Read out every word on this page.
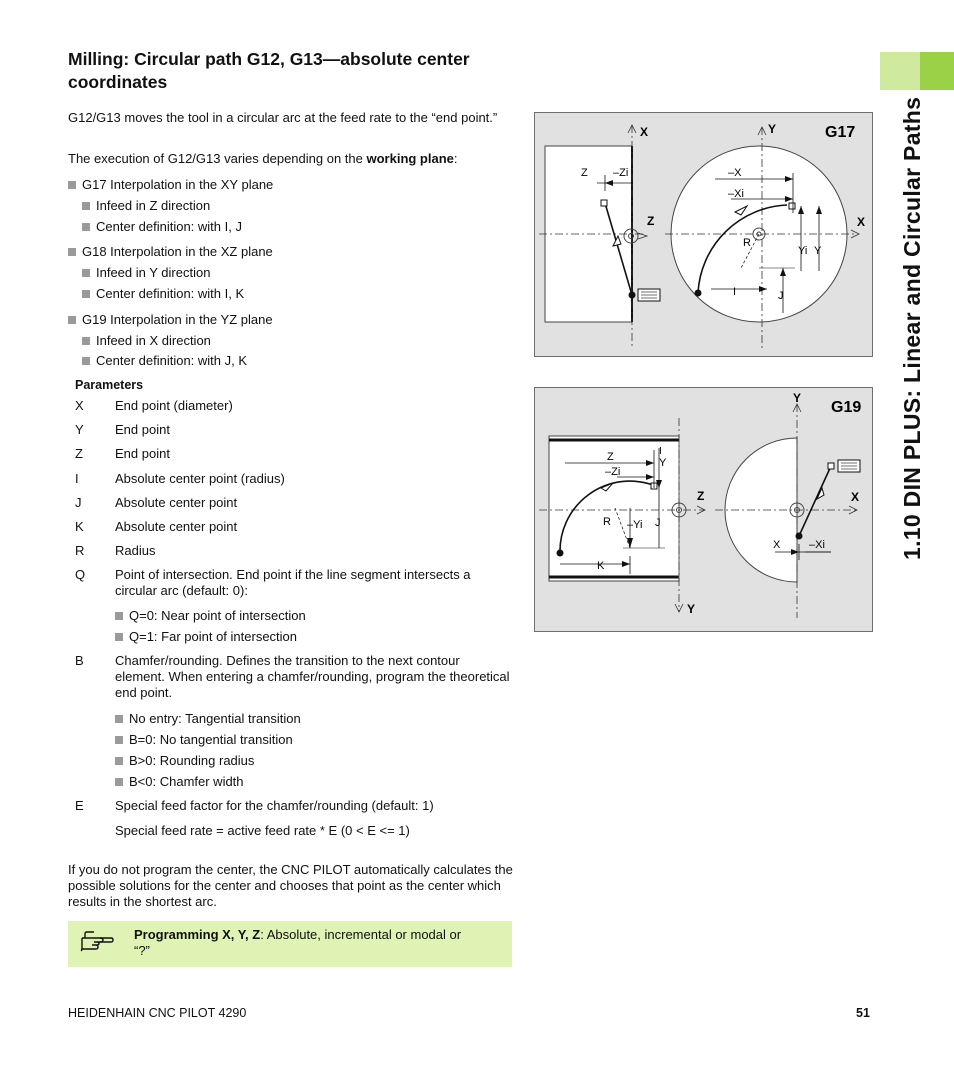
Milling: Circular path G12, G13—absolute center coordinates

G12/G13 moves the tool in a circular arc at the feed rate to the “end point.”

The execution of G12/G13 varies depending on the working plane:

G17 Interpolation in the XY plane
Infeed in Z direction
Center definition: with I, J
G18 Interpolation in the XZ plane
Infeed in Y direction
Center definition: with I, K
G19 Interpolation in the YZ plane
Infeed in X direction
Center definition: with J, K
Parameters
X	End point (diameter)
Y	End point
Z	End point
I	Absolute center point (radius)
J	Absolute center point
K	Absolute center point
R	Radius
Q	Point of intersection. End point if the line segment intersects a circular arc (default: 0):
Q=0: Near point of intersection
Q=1: Far point of intersection
B	Chamfer/rounding. Defines the transition to the next contour element. When entering a chamfer/rounding, program the theoretical end point.
No entry: Tangential transition
B=0: No tangential transition
B>0: Rounding radius
B<0: Chamfer width
E	Special feed factor for the chamfer/rounding (default: 1)
Special feed rate = active feed rate * E (0 < E <= 1)

If you do not program the center, the CNC PILOT automatically calculates the possible solutions for the center and chooses that point as the center which results in the shortest arc.

Programming X, Y, Z: Absolute, incremental or modal or “?”
HEIDENHAIN CNC PILOT 4290	51
1.10 DIN PLUS: Linear and Circular Paths
Z –Zi	–X
–Xi
R
Yi Y
I	J
X
Z
Y
X
G17
Z
–Zi
I
Y
R –Yi J
K
X	–Xi
Z
Y
Y
X
G19
